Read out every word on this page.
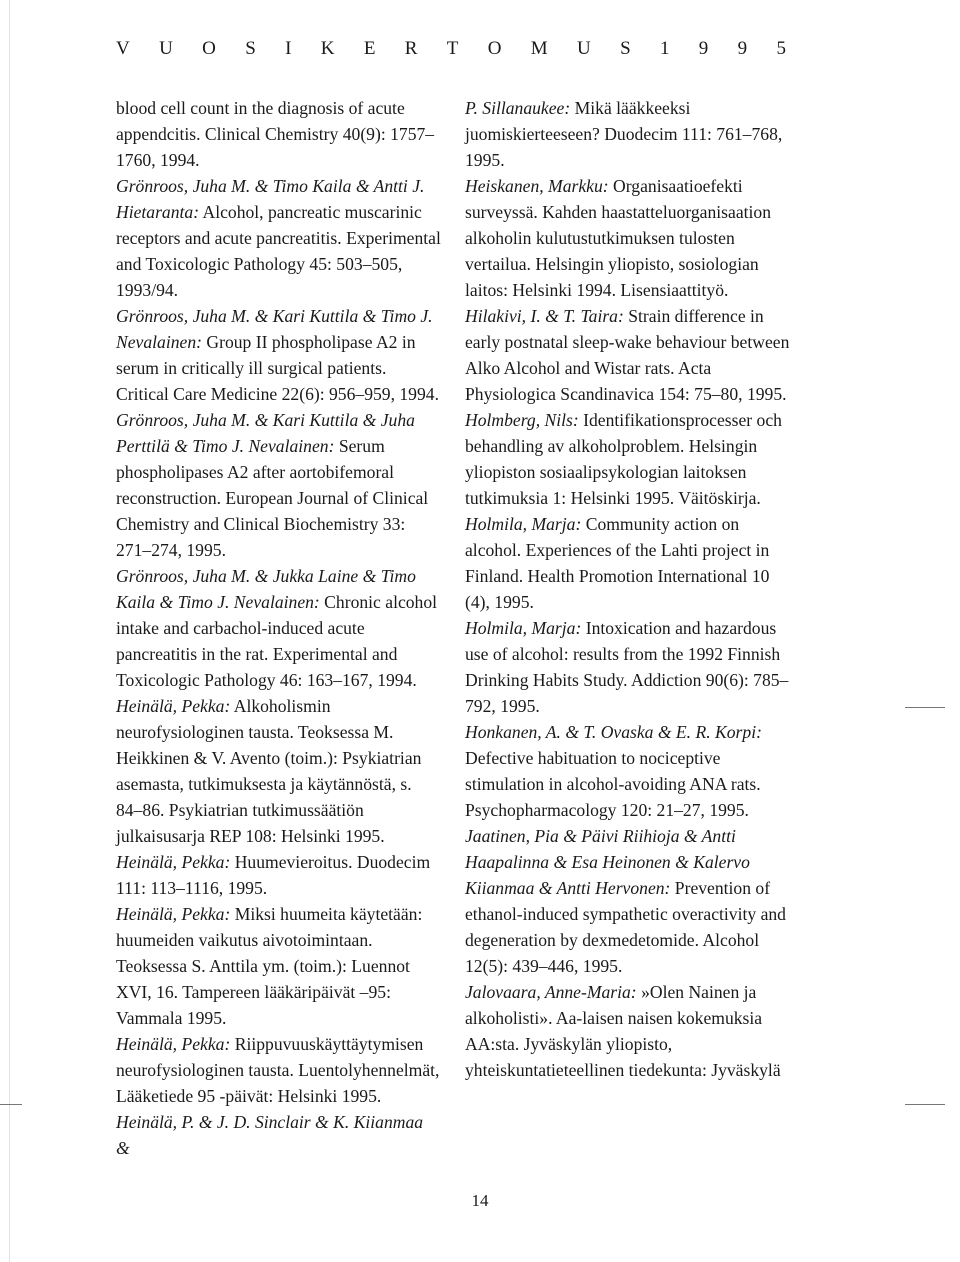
V U O S I K E R T O M U S 1 9 9 5

blood cell count in the diagnosis of acute appendcitis. Clinical Chemistry 40(9): 1757– 1760, 1994.

Grönroos, Juha M. & Timo Kaila & Antti J. Hietaranta: Alcohol, pancreatic muscarinic receptors and acute pancreatitis. Experimental and Toxicologic Pathology 45: 503–505, 1993/94.

Grönroos, Juha M. & Kari Kuttila & Timo J. Nevalainen: Group II phospholipase A2 in serum in critically ill surgical patients. Critical Care Medicine 22(6): 956–959, 1994.

Grönroos, Juha M. & Kari Kuttila & Juha Perttilä & Timo J. Nevalainen: Serum phospholipases A2 after aortobifemoral reconstruction. European Journal of Clinical Chemistry and Clinical Biochemistry 33: 271–274, 1995.

Grönroos, Juha M. & Jukka Laine & Timo Kaila & Timo J. Nevalainen: Chronic alcohol intake and carbachol-induced acute pancreatitis in the rat. Experimental and Toxicologic Pathology 46: 163–167, 1994.

Heinälä, Pekka: Alkoholismin neurofysiologinen tausta. Teoksessa M. Heikkinen & V. Avento (toim.): Psykiatrian asemasta, tutkimuksesta ja käytännöstä, s. 84–86. Psykiatrian tutkimussäätiön julkaisusarja REP 108: Helsinki 1995.

Heinälä, Pekka: Huumevieroitus. Duodecim 111: 113–1116, 1995.

Heinälä, Pekka: Miksi huumeita käytetään: huumeiden vaikutus aivotoimintaan. Teoksessa S. Anttila ym. (toim.): Luennot XVI, 16. Tampereen lääkäripäivät –95: Vammala 1995.

Heinälä, Pekka: Riippuvuuskäyttäytymisen neurofysiologinen tausta. Luentolyhennelmät, Lääketiede 95 -päivät: Helsinki 1995.

Heinälä, P. & J. D. Sinclair & K. Kiianmaa &

P. Sillanaukee: Mikä lääkkeeksi juomiskierteeseen? Duodecim 111: 761–768, 1995.

Heiskanen, Markku: Organisaatioefekti surveyssä. Kahden haastatteluorganisaation alkoholin kulutustutkimuksen tulosten vertailua. Helsingin yliopisto, sosiologian laitos: Helsinki 1994. Lisensiaattityö.

Hilakivi, I. & T. Taira: Strain difference in early postnatal sleep-wake behaviour between Alko Alcohol and Wistar rats. Acta Physiologica Scandinavica 154: 75–80, 1995.

Holmberg, Nils: Identifikationsprocesser och behandling av alkoholproblem. Helsingin yliopiston sosiaalipsykologian laitoksen tutkimuksia 1: Helsinki 1995. Väitöskirja.

Holmila, Marja: Community action on alcohol. Experiences of the Lahti project in Finland. Health Promotion International 10 (4), 1995.

Holmila, Marja: Intoxication and hazardous use of alcohol: results from the 1992 Finnish Drinking Habits Study. Addiction 90(6): 785–792, 1995.

Honkanen, A. & T. Ovaska & E. R. Korpi: Defective habituation to nociceptive stimulation in alcohol-avoiding ANA rats. Psychopharmacology 120: 21–27, 1995.

Jaatinen, Pia & Päivi Riihioja & Antti Haapalinna & Esa Heinonen & Kalervo Kiianmaa & Antti Hervonen: Prevention of ethanol-induced sympathetic overactivity and degeneration by dexmedetomide. Alcohol 12(5): 439–446, 1995.

Jalovaara, Anne-Maria: »Olen Nainen ja alkoholisti». Aa-laisen naisen kokemuksia AA:sta. Jyväskylän yliopisto, yhteiskuntatieteellinen tiedekunta: Jyväskylä

14
